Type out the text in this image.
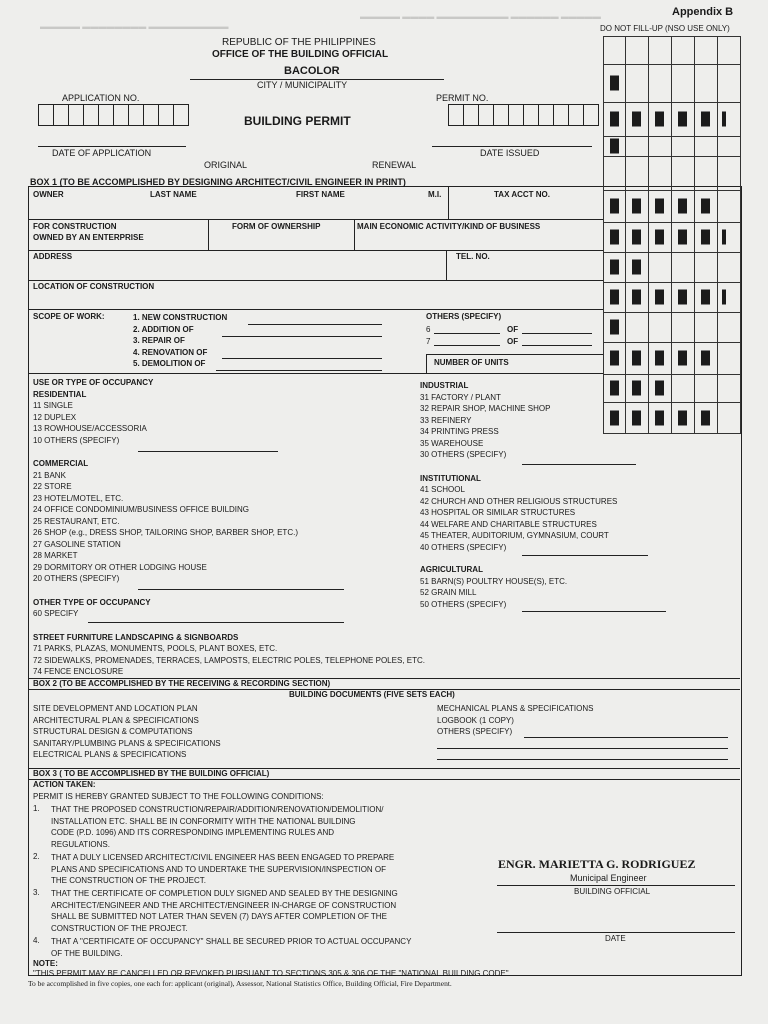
▬▬▬▬▬ ▬▬▬▬ ▬▬▬▬▬▬▬▬▬ ▬▬▬▬▬▬ ▬▬▬▬▬
▬▬▬▬▬ ▬▬▬▬▬▬▬▬ ▬▬▬▬▬▬▬▬▬▬
Appendix B
DO NOT FILL-UP (NSO USE ONLY)
REPUBLIC OF THE PHILIPPINES
OFFICE OF THE BUILDING OFFICIAL
BACOLOR
CITY / MUNICIPALITY
APPLICATION NO.
BUILDING PERMIT
PERMIT NO.
DATE OF APPLICATION	DATE ISSUED
ORIGINAL	RENEWAL
BOX 1 (TO BE ACCOMPLISHED BY DESIGNING ARCHITECT/CIVIL ENGINEER IN PRINT)
OWNER	LAST NAME	FIRST NAME	M.I.	TAX ACCT NO.
FOR CONSTRUCTION
OWNED BY AN ENTERPRISE
FORM OF OWNERSHIP	MAIN ECONOMIC ACTIVITY/KIND OF BUSINESS
ADDRESS	TEL. NO.
LOCATION OF CONSTRUCTION
SCOPE OF WORK:	1. NEW CONSTRUCTION
2. ADDITION OF
3. REPAIR OF
4. RENOVATION OF
5. DEMOLITION OF
OTHERS (SPECIFY)
6	OF
7	OF
NUMBER OF UNITS
USE OR TYPE OF OCCUPANCY
RESIDENTIAL
11 SINGLE
12 DUPLEX
13 ROWHOUSE/ACCESSORIA
10 OTHERS (SPECIFY)
COMMERCIAL
21 BANK
22 STORE
23 HOTEL/MOTEL, ETC.
24 OFFICE CONDOMINIUM/BUSINESS OFFICE BUILDING
25 RESTAURANT, ETC.
26 SHOP (e.g., DRESS SHOP, TAILORING SHOP, BARBER SHOP, ETC.)
27 GASOLINE STATION
28 MARKET
29 DORMITORY OR OTHER LODGING HOUSE
20 OTHERS (SPECIFY)
OTHER TYPE OF OCCUPANCY
60 SPECIFY
STREET FURNITURE LANDSCAPING & SIGNBOARDS
71 PARKS, PLAZAS, MONUMENTS, POOLS, PLANT BOXES, ETC.
72 SIDEWALKS, PROMENADES, TERRACES, LAMPOSTS, ELECTRIC POLES, TELEPHONE POLES, ETC.
74 FENCE ENCLOSURE
INDUSTRIAL
31 FACTORY / PLANT
32 REPAIR SHOP, MACHINE SHOP
33 REFINERY
34 PRINTING PRESS
35 WAREHOUSE
30 OTHERS (SPECIFY)
INSTITUTIONAL
41 SCHOOL
42 CHURCH AND OTHER RELIGIOUS STRUCTURES
43 HOSPITAL OR SIMILAR STRUCTURES
44 WELFARE AND CHARITABLE STRUCTURES
45 THEATER, AUDITORIUM, GYMNASIUM, COURT
40 OTHERS (SPECIFY)
AGRICULTURAL
51 BARN(S) POULTRY HOUSE(S), ETC.
52 GRAIN MILL
50 OTHERS (SPECIFY)
BOX 2 (TO BE ACCOMPLISHED BY THE RECEIVING & RECORDING SECTION)
BUILDING DOCUMENTS (FIVE SETS EACH)
SITE DEVELOPMENT AND LOCATION PLAN
ARCHITECTURAL PLAN & SPECIFICATIONS
STRUCTURAL DESIGN & COMPUTATIONS
SANITARY/PLUMBING PLANS & SPECIFICATIONS
ELECTRICAL PLANS & SPECIFICATIONS
MECHANICAL PLANS & SPECIFICATIONS
LOGBOOK (1 COPY)
OTHERS (SPECIFY)
BOX 3 ( TO BE ACCOMPLISHED BY THE BUILDING OFFICIAL)
ACTION TAKEN:
PERMIT IS HEREBY GRANTED SUBJECT TO THE FOLLOWING CONDITIONS:
1. THAT THE PROPOSED CONSTRUCTION/REPAIR/ADDITION/RENOVATION/DEMOLITION/
INSTALLATION ETC. SHALL BE IN CONFORMITY WITH THE NATIONAL BUILDING
CODE (P.D. 1096) AND ITS CORRESPONDING IMPLEMENTING RULES AND
REGULATIONS.
2. THAT A DULY LICENSED ARCHITECT/CIVIL ENGINEER HAS BEEN ENGAGED TO PREPARE
PLANS AND SPECIFICATIONS AND TO UNDERTAKE THE SUPERVISION/INSPECTION OF
THE CONSTRUCTION OF THE PROJECT.
3. THAT THE CERTIFICATE OF COMPLETION DULY SIGNED AND SEALED BY THE DESIGNING
ARCHITECT/ENGINEER AND THE ARCHITECT/ENGINEER IN-CHARGE OF CONSTRUCTION
SHALL BE SUBMITTED NOT LATER THAN SEVEN (7) DAYS AFTER COMPLETION OF THE
CONSTRUCTION OF THE PROJECT.
4. THAT A "CERTIFICATE OF OCCUPANCY" SHALL BE SECURED PRIOR TO ACTUAL OCCUPANCY
OF THE BUILDING.
ENGR. MARIETTA G. RODRIGUEZ
Municipal Engineer
BUILDING OFFICIAL
DATE
NOTE:
"THIS PERMIT MAY BE CANCELLED OR REVOKED PURSUANT TO SECTIONS 305 & 306 OF THE "NATIONAL BUILDING CODE"
To be accomplished in five copies, one each for: applicant (original), Assessor, National Statistics Office, Building Official, Fire Department.
